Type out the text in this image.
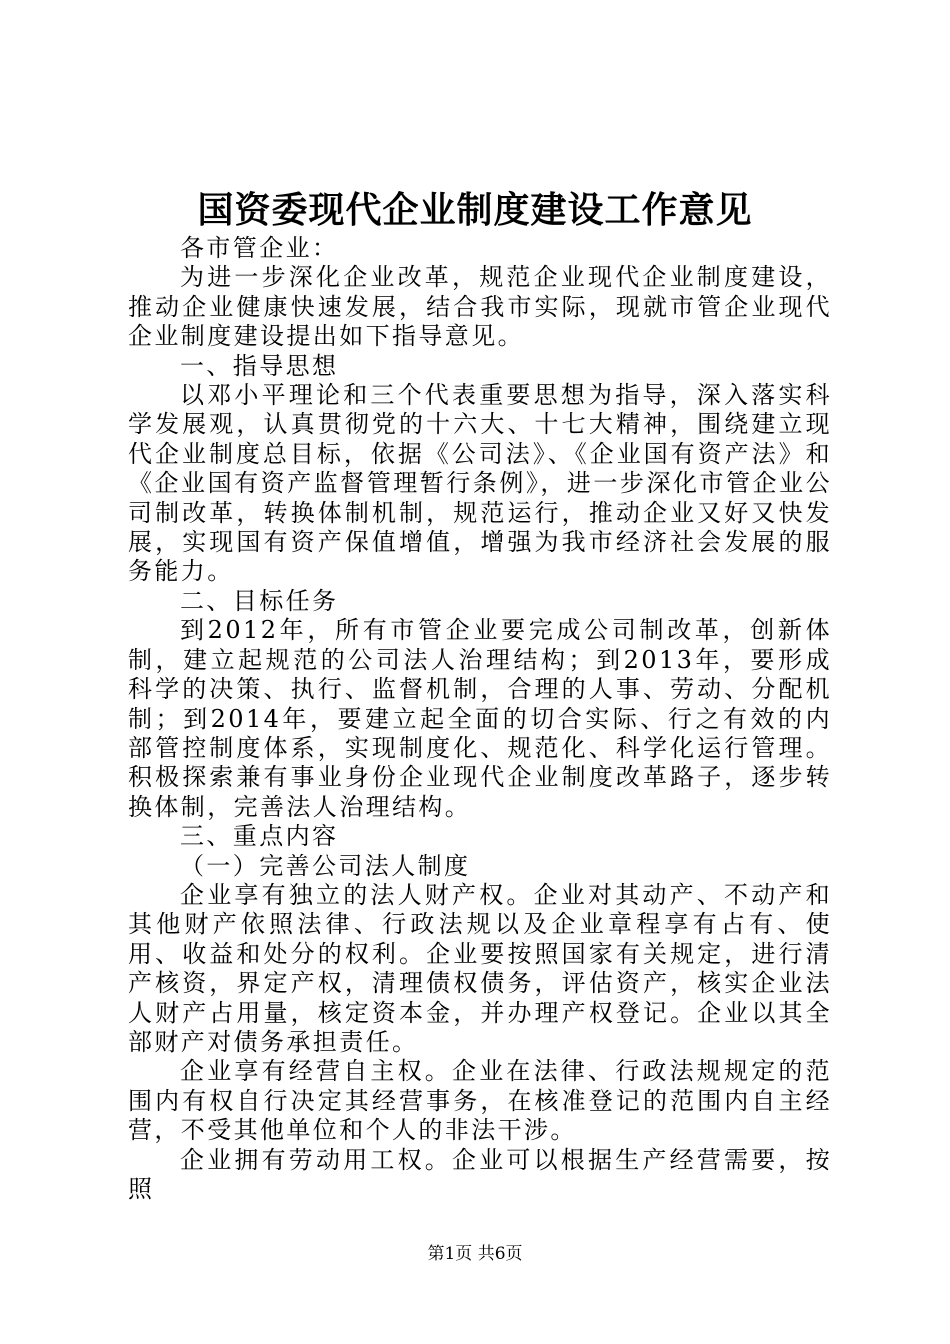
国资委现代企业制度建设工作意见

各市管企业：

为进一步深化企业改革，规范企业现代企业制度建设，推动企业健康快速发展，结合我市实际，现就市管企业现代企业制度建设提出如下指导意见。

一、指导思想

以邓小平理论和三个代表重要思想为指导，深入落实科学发展观，认真贯彻党的十六大、十七大精神，围绕建立现代企业制度总目标，依据《公司法》、《企业国有资产法》和《企业国有资产监督管理暂行条例》，进一步深化市管企业公司制改革，转换体制机制，规范运行，推动企业又好又快发展，实现国有资产保值增值，增强为我市经济社会发展的服务能力。

二、目标任务

到2012年，所有市管企业要完成公司制改革，创新体制，建立起规范的公司法人治理结构；到2013年，要形成科学的决策、执行、监督机制，合理的人事、劳动、分配机制；到2014年，要建立起全面的切合实际、行之有效的内部管控制度体系，实现制度化、规范化、科学化运行管理。积极探索兼有事业身份企业现代企业制度改革路子，逐步转换体制，完善法人治理结构。

三、重点内容

（一）完善公司法人制度

企业享有独立的法人财产权。企业对其动产、不动产和其他财产依照法律、行政法规以及企业章程享有占有、使用、收益和处分的权利。企业要按照国家有关规定，进行清产核资，界定产权，清理债权债务，评估资产，核实企业法人财产占用量，核定资本金，并办理产权登记。企业以其全部财产对债务承担责任。

企业享有经营自主权。企业在法律、行政法规规定的范围内有权自行决定其经营事务，在核准登记的范围内自主经营，不受其他单位和个人的非法干涉。

企业拥有劳动用工权。企业可以根据生产经营需要，按照

第1页 共6页
